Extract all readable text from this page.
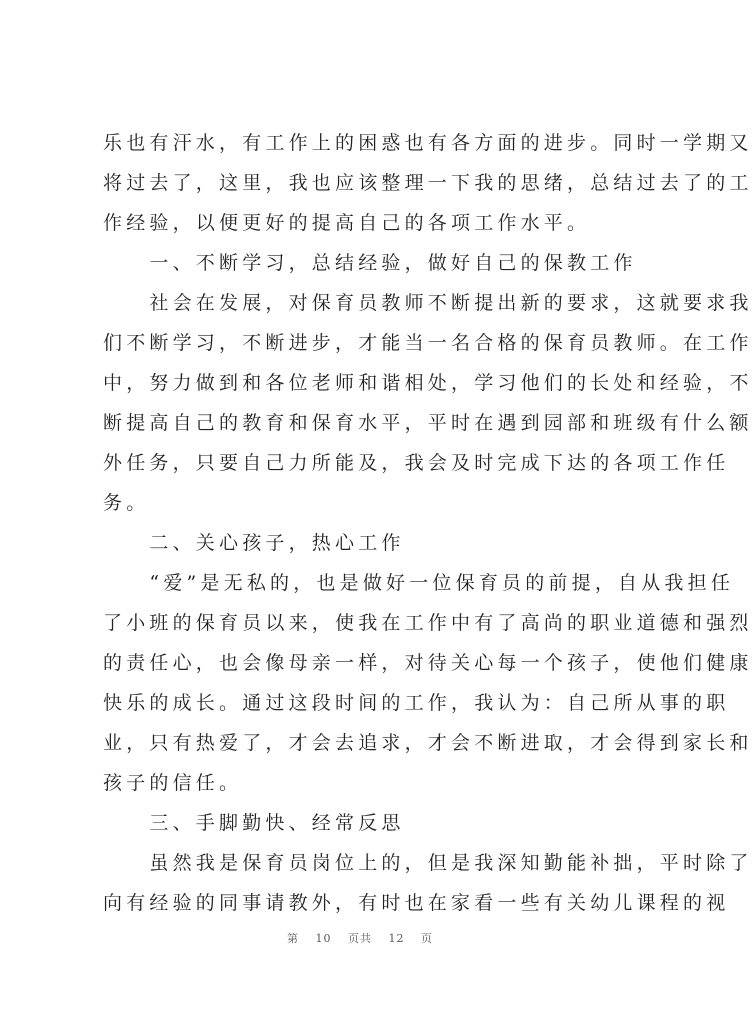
乐也有汗水，有工作上的困惑也有各方面的进步。同时一学期又
将过去了，这里，我也应该整理一下我的思绪，总结过去了的工
作经验，以便更好的提高自己的各项工作水平。
　　一、不断学习，总结经验，做好自己的保教工作
　　社会在发展，对保育员教师不断提出新的要求，这就要求我
们不断学习，不断进步，才能当一名合格的保育员教师。在工作
中，努力做到和各位老师和谐相处，学习他们的长处和经验，不
断提高自己的教育和保育水平，平时在遇到园部和班级有什么额
外任务，只要自己力所能及，我会及时完成下达的各项工作任
务。
　　二、关心孩子，热心工作
　　“爱”是无私的，也是做好一位保育员的前提，自从我担任
了小班的保育员以来，使我在工作中有了高尚的职业道德和强烈
的责任心，也会像母亲一样，对待关心每一个孩子，使他们健康
快乐的成长。通过这段时间的工作，我认为：自己所从事的职
业，只有热爱了，才会去追求，才会不断进取，才会得到家长和
孩子的信任。
　　三、手脚勤快、经常反思
　　虽然我是保育员岗位上的，但是我深知勤能补拙，平时除了
向有经验的同事请教外，有时也在家看一些有关幼儿课程的视
第 10 页共 12 页
